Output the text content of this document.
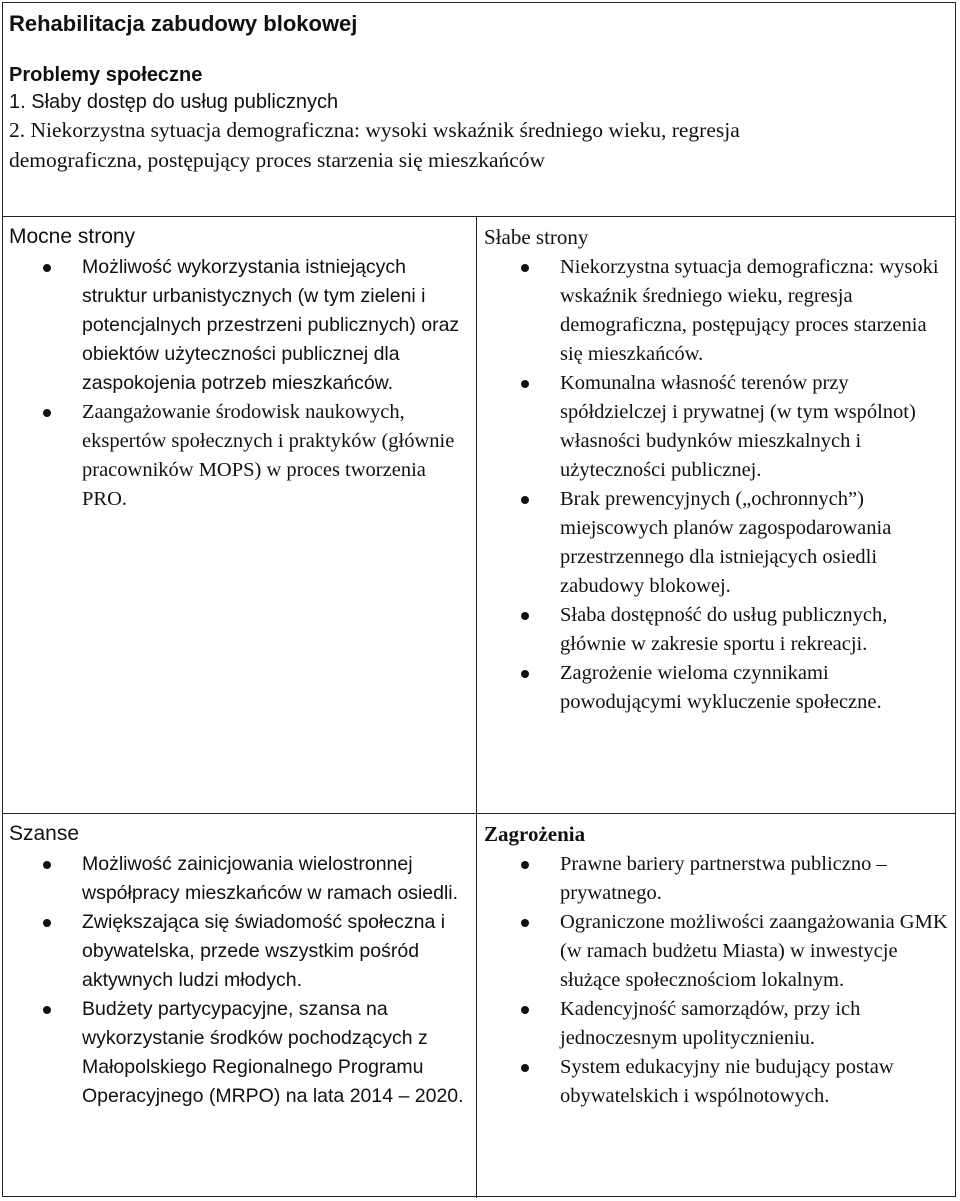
Rehabilitacja zabudowy blokowej
Problemy społeczne
1. Słaby dostęp do usług publicznych
2. Niekorzystna sytuacja demograficzna: wysoki wskaźnik średniego wieku, regresja
demograficzna, postępujący proces starzenia się mieszkańców
Mocne strony
Możliwość wykorzystania istniejących struktur urbanistycznych (w tym zieleni i potencjalnych przestrzeni publicznych) oraz obiektów użyteczności publicznej dla zaspokojenia potrzeb mieszkańców.
Zaangażowanie środowisk naukowych, ekspertów społecznych i praktyków (głównie pracowników MOPS) w proces tworzenia PRO.
Słabe strony
Niekorzystna sytuacja demograficzna: wysoki wskaźnik średniego wieku, regresja demograficzna, postępujący proces starzenia się mieszkańców.
Komunalna własność terenów przy spółdzielczej i prywatnej (w tym wspólnot) własności budynków mieszkalnych i użyteczności publicznej.
Brak prewencyjnych („ochronnych”) miejscowych planów zagospodarowania przestrzennego dla istniejących osiedli zabudowy blokowej.
Słaba dostępność do usług publicznych, głównie w zakresie sportu i rekreacji.
Zagrożenie wieloma czynnikami powodującymi wykluczenie społeczne.
Szanse
Możliwość zainicjowania wielostronnej współpracy mieszkańców w ramach osiedli.
Zwiększająca się świadomość społeczna i obywatelska, przede wszystkim pośród aktywnych ludzi młodych.
Budżety partycypacyjne, szansa na wykorzystanie środków pochodzących z Małopolskiego Regionalnego Programu Operacyjnego (MRPO) na lata 2014 – 2020.
Zagrożenia
Prawne bariery partnerstwa publiczno – prywatnego.
Ograniczone możliwości zaangażowania GMK (w ramach budżetu Miasta) w inwestycje służące społecznościom lokalnym.
Kadencyjność samorządów, przy ich jednoczesnym upolitycznieniu.
System edukacyjny nie budujący postaw obywatelskich i wspólnotowych.
